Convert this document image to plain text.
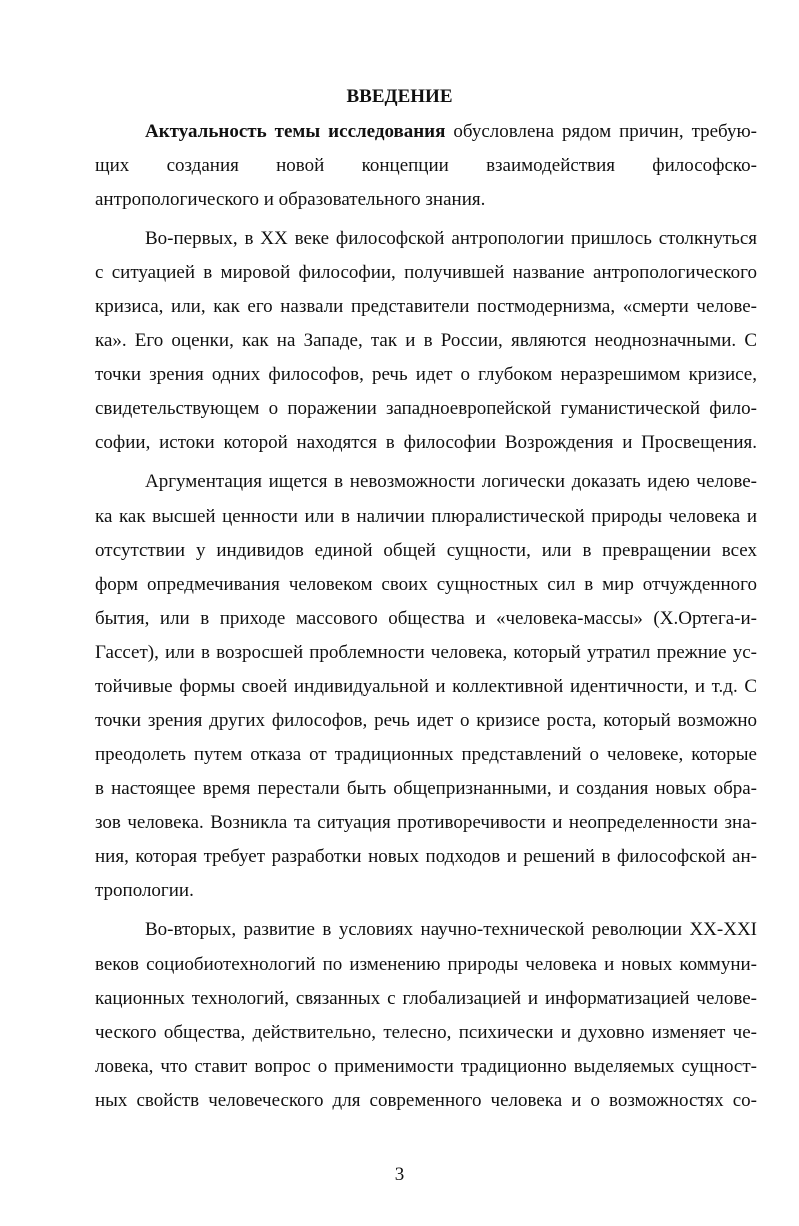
ВВЕДЕНИЕ
Актуальность темы исследования обусловлена рядом причин, требую-
щих создания новой концепции взаимодействия философско-
антропологического и образовательного знания.
Во-первых, в XX веке философской антропологии пришлось столкнуться
с ситуацией в мировой философии, получившей название антропологического
кризиса, или, как его назвали представители постмодернизма, «смерти челове-
ка». Его оценки, как на Западе, так и в России, являются неоднозначными. С
точки зрения одних философов, речь идет о глубоком неразрешимом кризисе,
свидетельствующем о поражении западноевропейской гуманистической фило-
софии, истоки которой находятся в философии Возрождения и Просвещения.
Аргументация ищется в невозможности логически доказать идею челове-
ка как высшей ценности или в наличии плюралистической природы человека и
отсутствии у индивидов единой общей сущности, или в превращении всех
форм опредмечивания человеком своих сущностных сил в мир отчужденного
бытия, или в приходе массового общества и «человека-массы» (Х.Ортега-и-
Гассет), или в возросшей проблемности человека, который утратил прежние ус-
тойчивые формы своей индивидуальной и коллективной идентичности, и т.д. С
точки зрения других философов, речь идет о кризисе роста, который возможно
преодолеть путем отказа от традиционных представлений о человеке, которые
в настоящее время перестали быть общепризнанными, и создания новых обра-
зов человека. Возникла та ситуация противоречивости и неопределенности зна-
ния, которая требует разработки новых подходов и решений в философской ан-
тропологии.
Во-вторых, развитие в условиях научно-технической революции XX-XXI
веков социобиотехнологий по изменению природы человека и новых коммуни-
кационных технологий, связанных с глобализацией и информатизацией челове-
ческого общества, действительно, телесно, психически и духовно изменяет че-
ловека, что ставит вопрос о применимости традиционно выделяемых сущност-
ных свойств человеческого для современного человека и о возможностях со-
3
